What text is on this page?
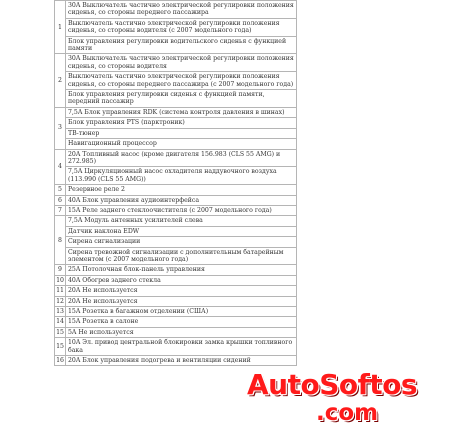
1	30A Выключатель частично электрической регулировки положения сиденья, со стороны переднего пассажира
	Выключатель частично электрической регулировки положения сиденья, со стороны водителя (с 2007 модельного года)
	Блок управления регулировки водительского сиденья с функцией памяти
2	30A Выключатель частично электрической регулировки положения сиденья, со стороны водителя
	Выключатель частично электрической регулировки положения сиденья, со стороны переднего пассажира (с 2007 модельного года)
	Блок управления регулировки сиденья с функцией памяти, передний пассажир
3	7,5A Блок управления RDK (система контроля давления в шинах)
	Блок управления PTS (парктроник)
	ТВ-тюнер
	Навигационный процессор
4	20A Топливный насос (кроме двигателя 156.983 (CLS 55 AMG) и 272.985)
	7,5A Циркуляционный насос охладителя наддувочного воздуха (113.990 (CLS 55 AMG))
5	Резервное реле 2
6	40A Блок управления аудиоинтерфейса
7	15A Реле заднего стеклоочистителя (с 2007 модельного года)
8	7,5A Модуль антенных усилителей слева
	Датчик наклона EDW
	Сирена сигнализации
	Сирена тревожной сигнализации с дополнительным батарейным элементом (с 2007 модельного года)
9	25A Потолочная блок-панель управления
10	40A Обогрев заднего стекла
11	20A Не используется
12	20A Не используется
13	15A Розетка в багажном отделении (США)
14	15A Розетка в салоне
15	5A Не используется
15	10A Эл. привод центральной блокировки замка крышки топливного бака
16	20A Блок управления подогрева и вентиляции сидений
AutoSoftos
.com
